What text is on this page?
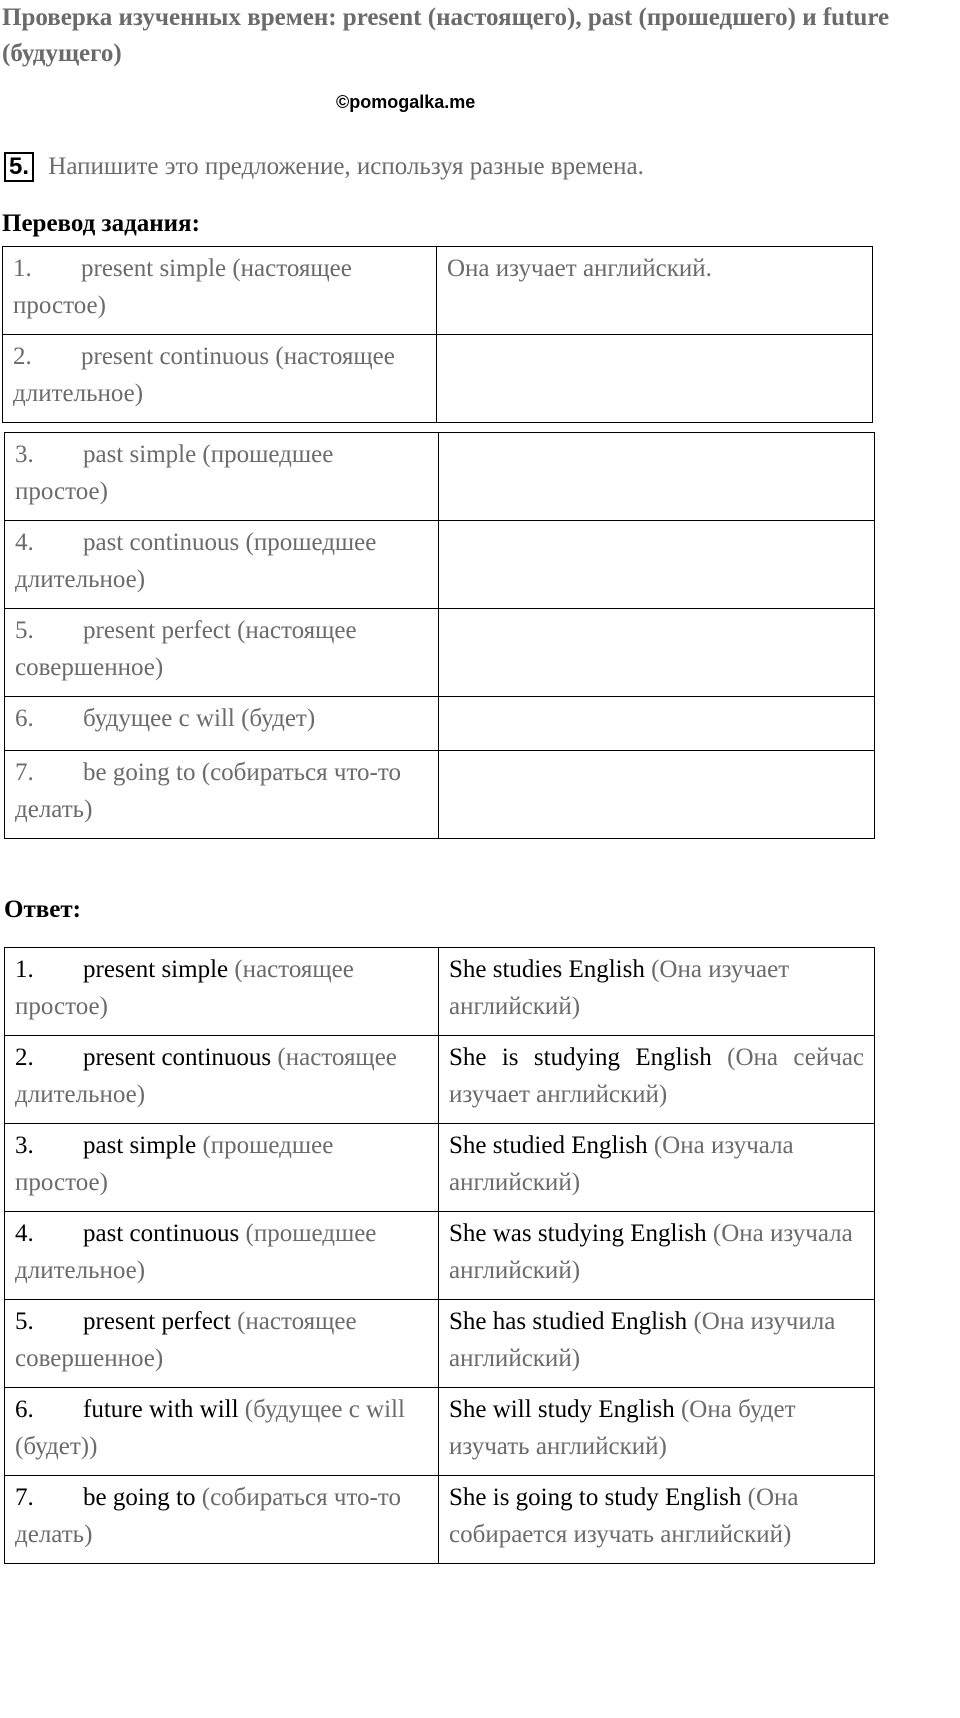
Проверка изученных времен: present (настоящего), past (прошедшего) и future (будущего)
©pomogalka.me
5. Напишите это предложение, используя разные времена.
Перевод задания:
1. present simple (настоящее простое)	Она изучает английский.
2. present continuous (настоящее длительное)	
3. past simple (прошедшее простое)	
4. past continuous (прошедшее длительное)	
5. present perfect (настоящее совершенное)	
6. будущее с will (будет)	
7. be going to (собираться что-то делать)	
Ответ:
1. present simple (настоящее простое)	She studies English (Она изучает английский)
2. present continuous (настоящее длительное)	She is studying English (Она сейчас изучает английский)
3. past simple (прошедшее простое)	She studied English (Она изучала английский)
4. past continuous (прошедшее длительное)	She was studying English (Она изучала английский)
5. present perfect (настоящее совершенное)	She has studied English (Она изучила английский)
6. future with will (будущее с will (будет))	She will study English (Она будет изучать английский)
7. be going to (собираться что-то делать)	She is going to study English (Она собирается изучать английский)
